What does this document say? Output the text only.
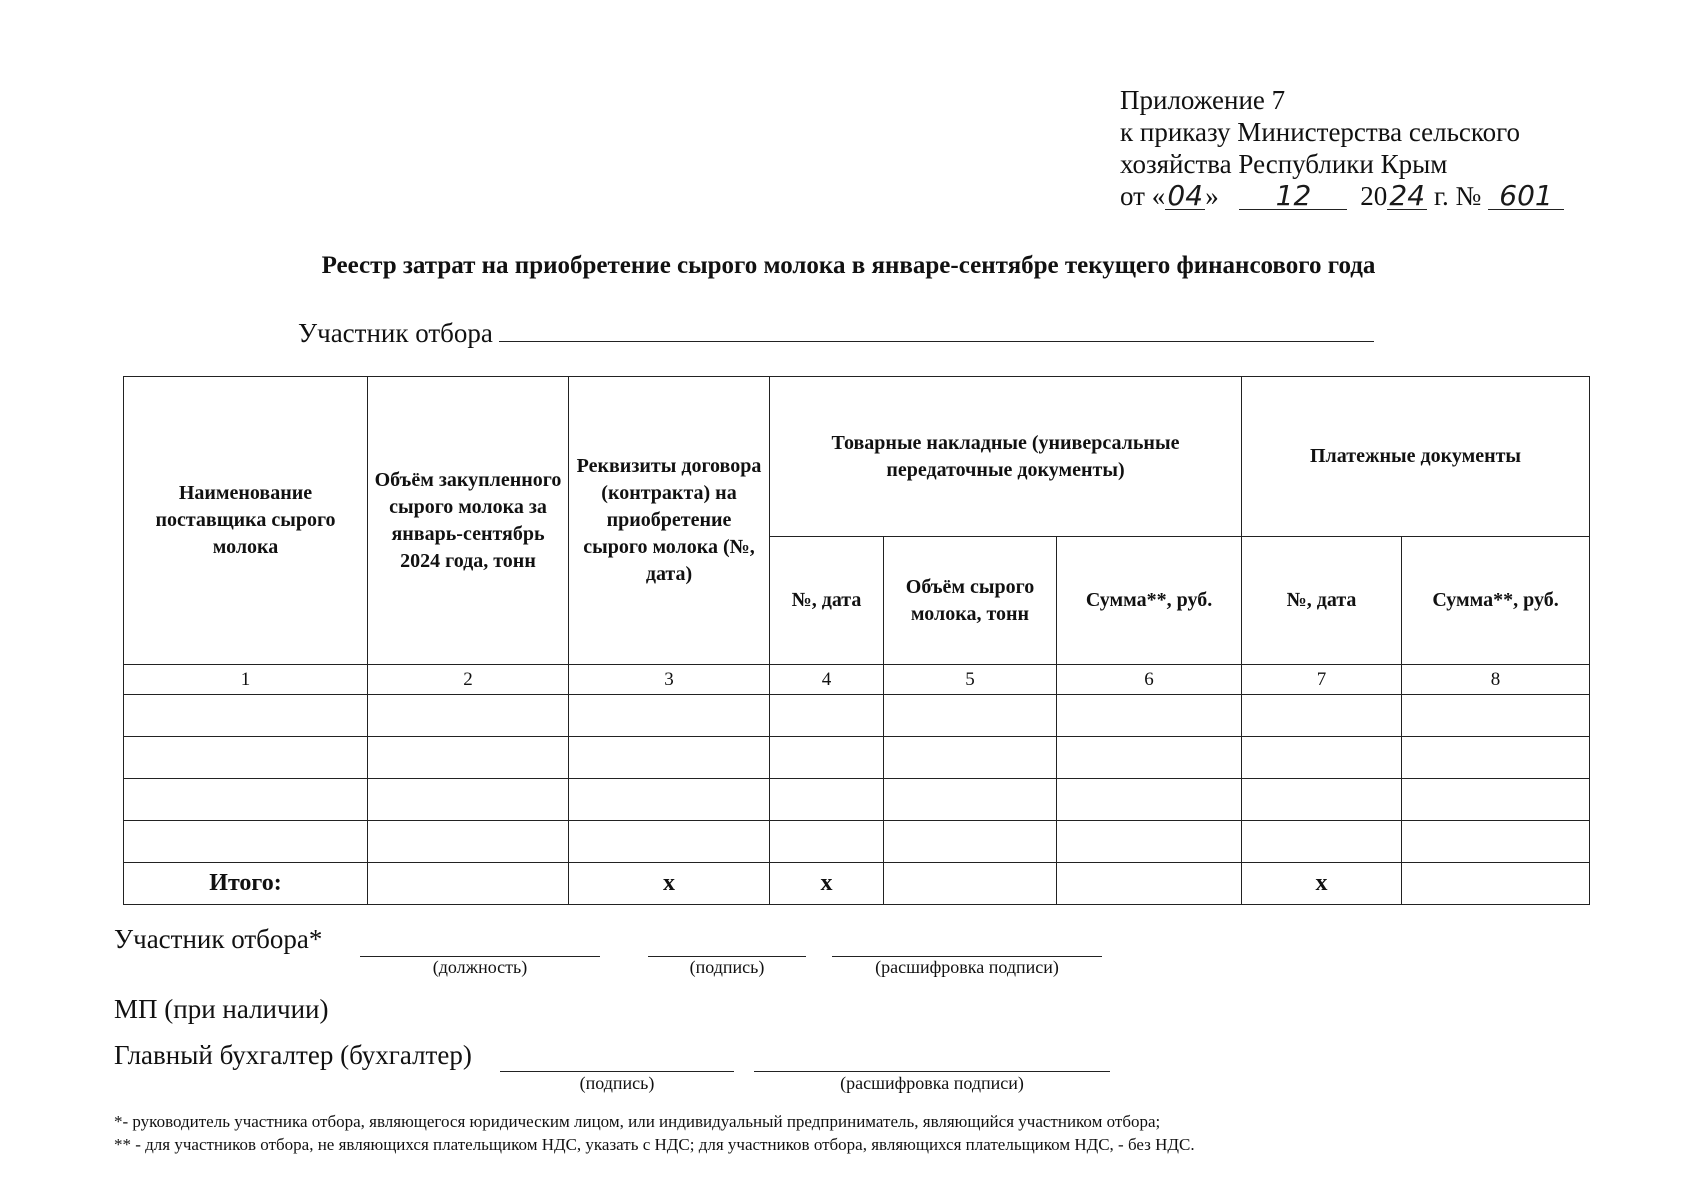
Приложение 7
к приказу Министерства сельского
хозяйства Республики Крым
от «04» 12 2024 г. № 601
Реестр затрат на приобретение сырого молока в январе-сентябре текущего финансового года
Участник отбора
Наименование поставщика сырого молока	Объём закупленного сырого молока за январь-сентябрь 2024 года, тонн	Реквизиты договора (контракта) на приобретение сырого молока (№, дата)	Товарные накладные (универсальные передаточные документы)			Платежные документы	
			№, дата	Объём сырого молока, тонн	Сумма**, руб.	№, дата	Сумма**, руб.
1	2	3	4	5	6	7	8

Итого:		х	х			х	
Участник отбора*
(должность)	(подпись)	(расшифровка подписи)
МП (при наличии)
Главный бухгалтер (бухгалтер)
(подпись)	(расшифровка подписи)
*- руководитель участника отбора, являющегося юридическим лицом, или индивидуальный предприниматель, являющийся участником отбора;
** - для участников отбора, не являющихся плательщиком НДС, указать с НДС; для участников отбора, являющихся плательщиком НДС, - без НДС.
